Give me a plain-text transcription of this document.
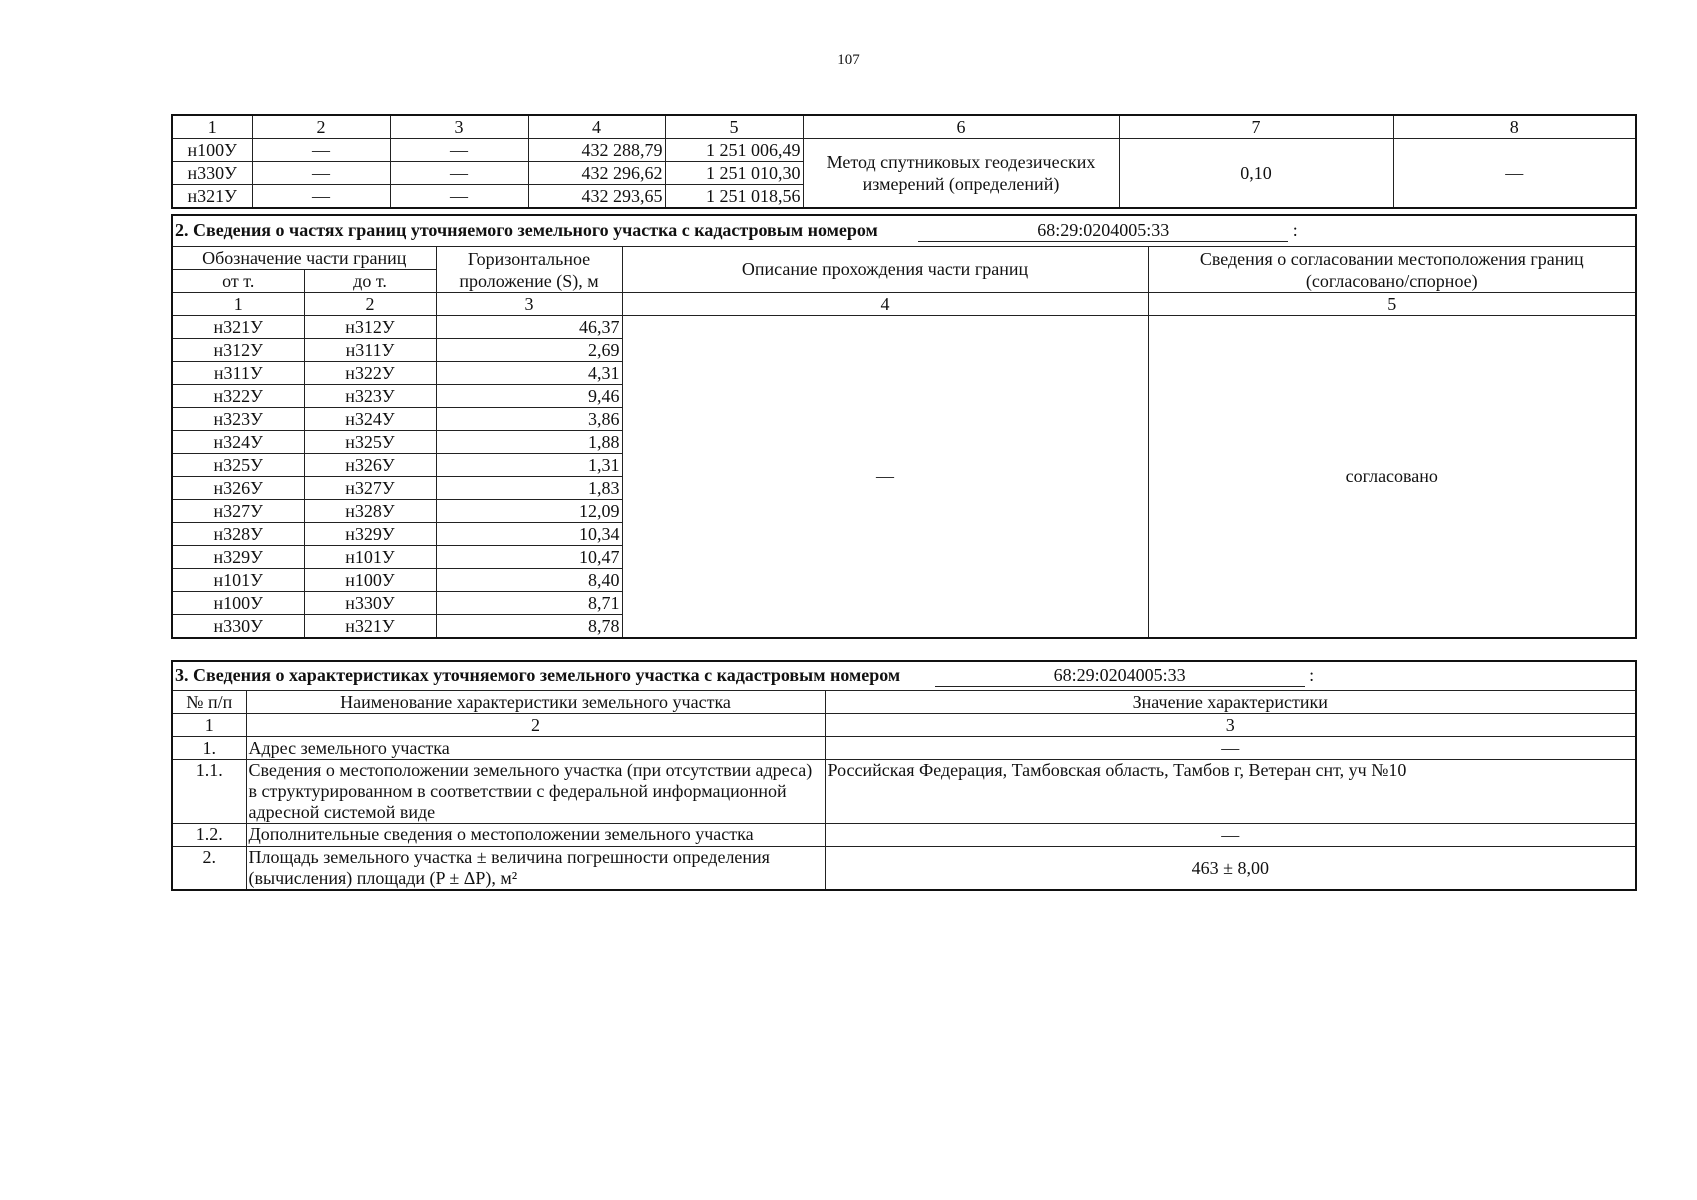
107
1	2	3	4	5	6	7	8
н100У	—	—	432 288,79	1 251 006,49	Метод спутниковых геодезических измерений (определений)	0,10	—
н330У	—	—	432 296,62	1 251 010,30			
н321У	—	—	432 293,65	1 251 018,56			
2. Сведения о частях границ уточняемого земельного участка с кадастровым номером 68:29:0204005:33 :				
Обозначение части границ		Горизонтальное проложение (S), м	Описание прохождения части границ	Сведения о согласовании местоположения границ (согласовано/спорное)
от т.	до т.			
1	2	3	4	5
н321У	н312У	46,37	—	согласовано
н312У	н311У	2,69		
н311У	н322У	4,31		
н322У	н323У	9,46		
н323У	н324У	3,86		
н324У	н325У	1,88		
н325У	н326У	1,31		
н326У	н327У	1,83		
н327У	н328У	12,09		
н328У	н329У	10,34		
н329У	н101У	10,47		
н101У	н100У	8,40		
н100У	н330У	8,71		
н330У	н321У	8,78		
3. Сведения о характеристиках уточняемого земельного участка с кадастровым номером 68:29:0204005:33 :		
№ п/п	Наименование характеристики земельного участка	Значение характеристики
1	2	3
1.	Адрес земельного участка	—
1.1.	Сведения о местоположении земельного участка (при отсутствии адреса) в структурированном в соответствии с федеральной информационной адресной системой виде	Российская Федерация, Тамбовская область, Тамбов г, Ветеран снт, уч №10
1.2.	Дополнительные сведения о местоположении земельного участка	—
2.	Площадь земельного участка ± величина погрешности определения (вычисления) площади (P ± ΔP), м²	463 ± 8,00
